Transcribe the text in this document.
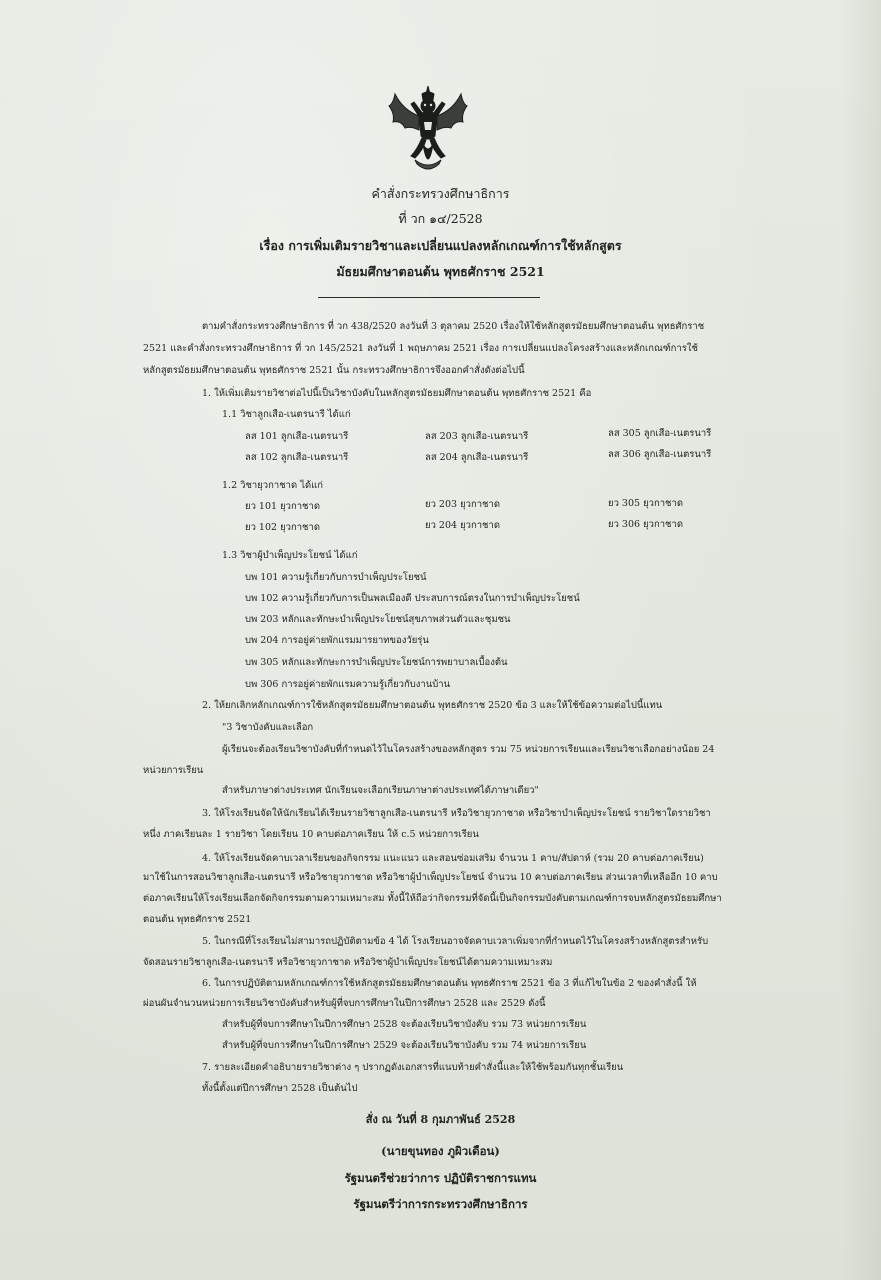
คำสั่งกระทรวงศึกษาธิการ
ที่ วก ๑๔/2528
เรื่อง การเพิ่มเติมรายวิชาและเปลี่ยนแปลงหลักเกณฑ์การใช้หลักสูตร
มัธยมศึกษาตอนต้น พุทธศักราช 2521
ตามคำสั่งกระทรวงศึกษาธิการ ที่ วก 438/2520 ลงวันที่ 3 ตุลาคม 2520 เรื่องให้ใช้หลักสูตรมัธยมศึกษาตอนต้น พุทธศักราช
2521 และคำสั่งกระทรวงศึกษาธิการ ที่ วก 145/2521 ลงวันที่ 1 พฤษภาคม 2521 เรื่อง การเปลี่ยนแปลงโครงสร้างและหลักเกณฑ์การใช้
หลักสูตรมัธยมศึกษาตอนต้น พุทธศักราช 2521 นั้น กระทรวงศึกษาธิการจึงออกคำสั่งดังต่อไปนี้
1. ให้เพิ่มเติมรายวิชาต่อไปนี้เป็นวิชาบังคับในหลักสูตรมัธยมศึกษาตอนต้น พุทธศักราช 2521 คือ
1.1 วิชาลูกเสือ-เนตรนารี ได้แก่
ลส 101 ลูกเสือ-เนตรนารี	ลส 203 ลูกเสือ-เนตรนารี	ลส 305 ลูกเสือ-เนตรนารี
ลส 102 ลูกเสือ-เนตรนารี	ลส 204 ลูกเสือ-เนตรนารี	ลส 306 ลูกเสือ-เนตรนารี
1.2 วิชายุวกาชาด ได้แก่
ยว 101 ยุวกาชาด	ยว 203 ยุวกาชาด	ยว 305 ยุวกาชาด
ยว 102 ยุวกาชาด	ยว 204 ยุวกาชาด	ยว 306 ยุวกาชาด
1.3 วิชาผู้บำเพ็ญประโยชน์ ได้แก่
บพ 101 ความรู้เกี่ยวกับการบำเพ็ญประโยชน์
บพ 102 ความรู้เกี่ยวกับการเป็นพลเมืองดี ประสบการณ์ตรงในการบำเพ็ญประโยชน์
บพ 203 หลักและทักษะบำเพ็ญประโยชน์สุขภาพส่วนตัวและชุมชน
บพ 204 การอยู่ค่ายพักแรมมารยาทของวัยรุ่น
บพ 305 หลักและทักษะการบำเพ็ญประโยชน์การพยาบาลเบื้องต้น
บพ 306 การอยู่ค่ายพักแรมความรู้เกี่ยวกับงานบ้าน
2. ให้ยกเลิกหลักเกณฑ์การใช้หลักสูตรมัธยมศึกษาตอนต้น พุทธศักราช 2520 ข้อ 3 และให้ใช้ข้อความต่อไปนี้แทน
"3 วิชาบังคับและเลือก
ผู้เรียนจะต้องเรียนวิชาบังคับที่กำหนดไว้ในโครงสร้างของหลักสูตร รวม 75 หน่วยการเรียนและเรียนวิชาเลือกอย่างน้อย 24
หน่วยการเรียน
สำหรับภาษาต่างประเทศ นักเรียนจะเลือกเรียนภาษาต่างประเทศได้ภาษาเดียว"
3. ให้โรงเรียนจัดให้นักเรียนได้เรียนรายวิชาลูกเสือ-เนตรนารี หรือวิชายุวกาชาด หรือวิชาบำเพ็ญประโยชน์ รายวิชาใดรายวิชา
หนึ่ง ภาคเรียนละ 1 รายวิชา โดยเรียน 10 คาบต่อภาคเรียน ให้ c.5 หน่วยการเรียน
4. ให้โรงเรียนจัดคาบเวลาเรียนของกิจกรรม แนะแนว และสอนซ่อมเสริม จำนวน 1 คาบ/สัปดาห์ (รวม 20 คาบต่อภาคเรียน)
มาใช้ในการสอนวิชาลูกเสือ-เนตรนารี หรือวิชายุวกาชาด หรือวิชาผู้บำเพ็ญประโยชน์ จำนวน 10 คาบต่อภาคเรียน ส่วนเวลาที่เหลืออีก 10 คาบ
ต่อภาคเรียนให้โรงเรียนเลือกจัดกิจกรรมตามความเหมาะสม ทั้งนี้ให้ถือว่ากิจกรรมที่จัดนี้เป็นกิจกรรมบังคับตามเกณฑ์การจบหลักสูตรมัธยมศึกษา
ตอนต้น พุทธศักราช 2521
5. ในกรณีที่โรงเรียนไม่สามารถปฏิบัติตามข้อ 4 ได้ โรงเรียนอาจจัดคาบเวลาเพิ่มจากที่กำหนดไว้ในโครงสร้างหลักสูตรสำหรับ
จัดสอนรายวิชาลูกเสือ-เนตรนารี หรือวิชายุวกาชาด หรือวิชาผู้บำเพ็ญประโยชน์ได้ตามความเหมาะสม
6. ในการปฏิบัติตามหลักเกณฑ์การใช้หลักสูตรมัธยมศึกษาตอนต้น พุทธศักราช 2521 ข้อ 3 ที่แก้ไขในข้อ 2 ของคำสั่งนี้ ให้
ผ่อนผันจำนวนหน่วยการเรียนวิชาบังคับสำหรับผู้ที่จบการศึกษาในปีการศึกษา 2528 และ 2529 ดังนี้
สำหรับผู้ที่จบการศึกษาในปีการศึกษา 2528 จะต้องเรียนวิชาบังคับ รวม 73 หน่วยการเรียน
สำหรับผู้ที่จบการศึกษาในปีการศึกษา 2529 จะต้องเรียนวิชาบังคับ รวม 74 หน่วยการเรียน
7. รายละเอียดคำอธิบายรายวิชาต่าง ๆ ปรากฏดังเอกสารที่แนบท้ายคำสั่งนี้และให้ใช้พร้อมกันทุกชั้นเรียน
ทั้งนี้ตั้งแต่ปีการศึกษา 2528 เป็นต้นไป
สั่ง ณ วันที่ 8 กุมภาพันธ์ 2528
(นายขุนทอง ภูผิวเดือน)
รัฐมนตรีช่วยว่าการ ปฏิบัติราชการแทน
รัฐมนตรีว่าการกระทรวงศึกษาธิการ
